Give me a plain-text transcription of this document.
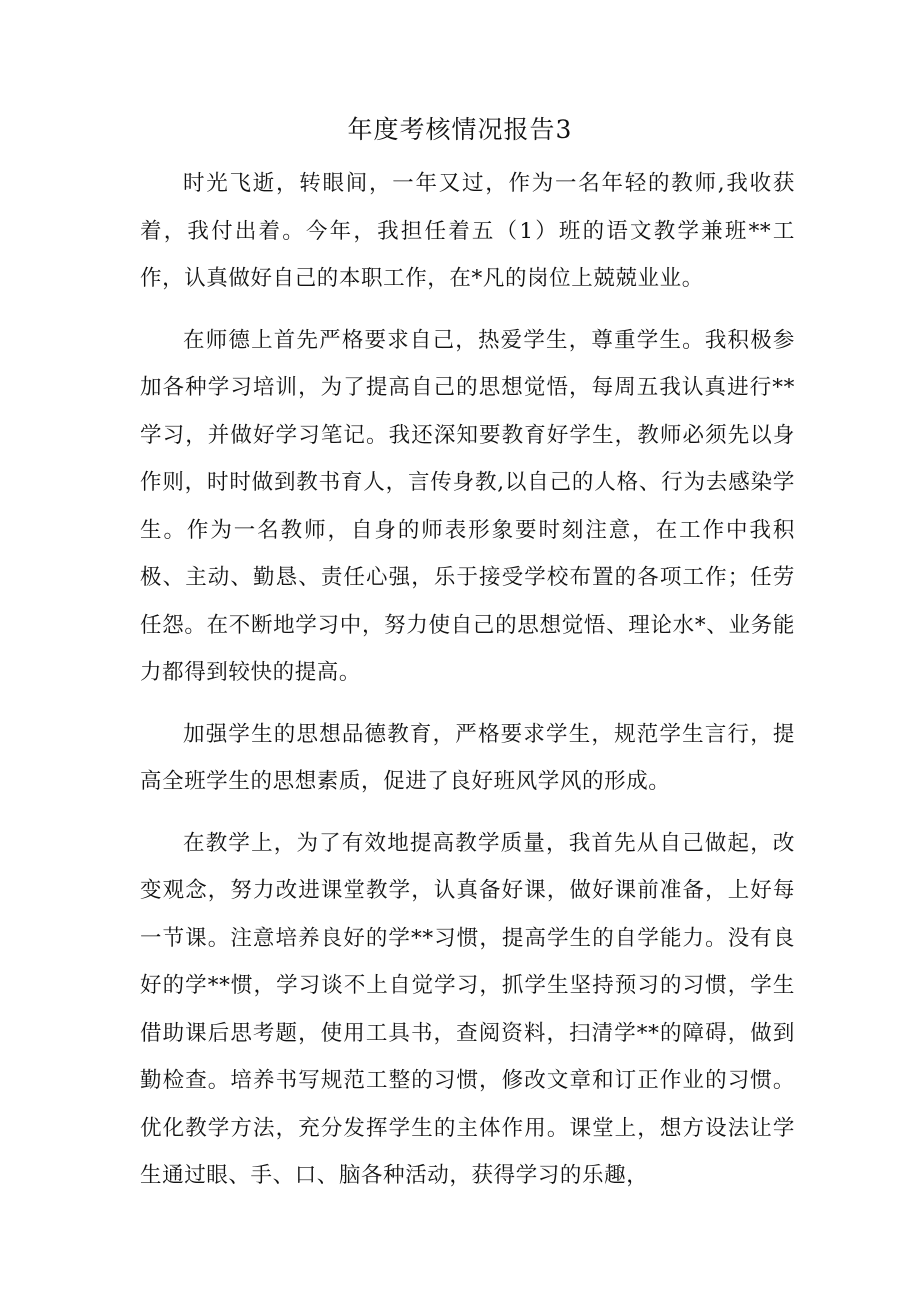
年度考核情况报告3

时光飞逝，转眼间，一年又过，作为一名年轻的教师,我收获着，我付出着。今年，我担任着五（1）班的语文教学兼班**工作，认真做好自己的本职工作，在*凡的岗位上兢兢业业。

在师德上首先严格要求自己，热爱学生，尊重学生。我积极参加各种学习培训，为了提高自己的思想觉悟，每周五我认真进行**学习，并做好学习笔记。我还深知要教育好学生，教师必须先以身作则，时时做到教书育人，言传身教,以自己的人格、行为去感染学生。作为一名教师，自身的师表形象要时刻注意，在工作中我积极、主动、勤恳、责任心强，乐于接受学校布置的各项工作；任劳任怨。在不断地学习中，努力使自己的思想觉悟、理论水*、业务能力都得到较快的提高。

加强学生的思想品德教育，严格要求学生，规范学生言行，提高全班学生的思想素质，促进了良好班风学风的形成。

在教学上，为了有效地提高教学质量，我首先从自己做起，改变观念，努力改进课堂教学，认真备好课，做好课前准备，上好每一节课。注意培养良好的学**习惯，提高学生的自学能力。没有良好的学**惯，学习谈不上自觉学习，抓学生坚持预习的习惯，学生借助课后思考题，使用工具书，查阅资料，扫清学**的障碍，做到勤检查。培养书写规范工整的习惯，修改文章和订正作业的习惯。优化教学方法，充分发挥学生的主体作用。课堂上，想方设法让学生通过眼、手、口、脑各种活动，获得学习的乐趣，
